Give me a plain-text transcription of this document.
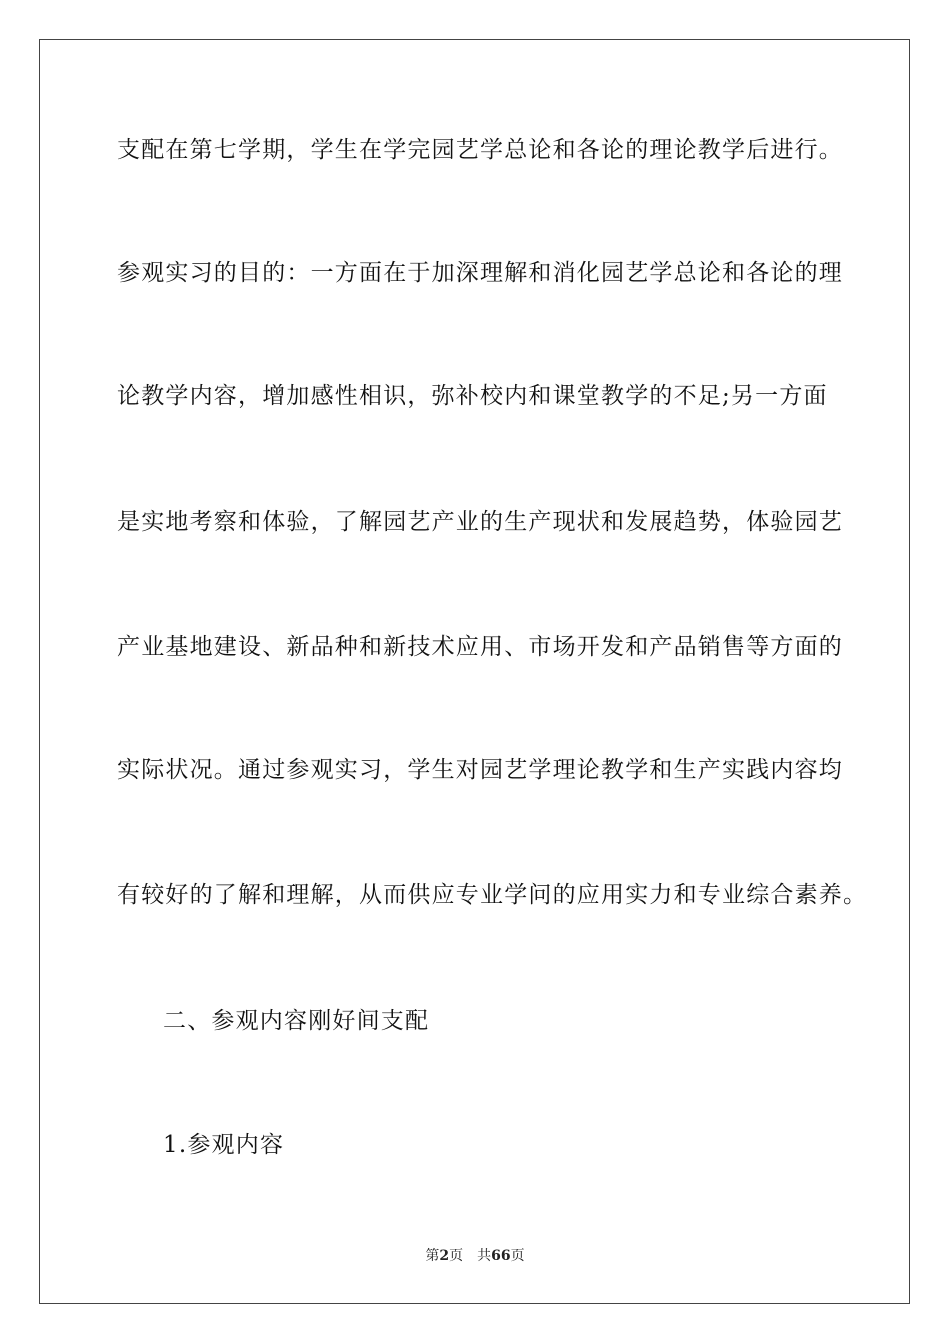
支配在第七学期，学生在学完园艺学总论和各论的理论教学后进行。
参观实习的目的：一方面在于加深理解和消化园艺学总论和各论的理
论教学内容，增加感性相识，弥补校内和课堂教学的不足;另一方面
是实地考察和体验，了解园艺产业的生产现状和发展趋势，体验园艺
产业基地建设、新品种和新技术应用、市场开发和产品销售等方面的
实际状况。通过参观实习，学生对园艺学理论教学和生产实践内容均
有较好的了解和理解，从而供应专业学问的应用实力和专业综合素养。
二、参观内容刚好间支配
1.参观内容
第2页 共66页
